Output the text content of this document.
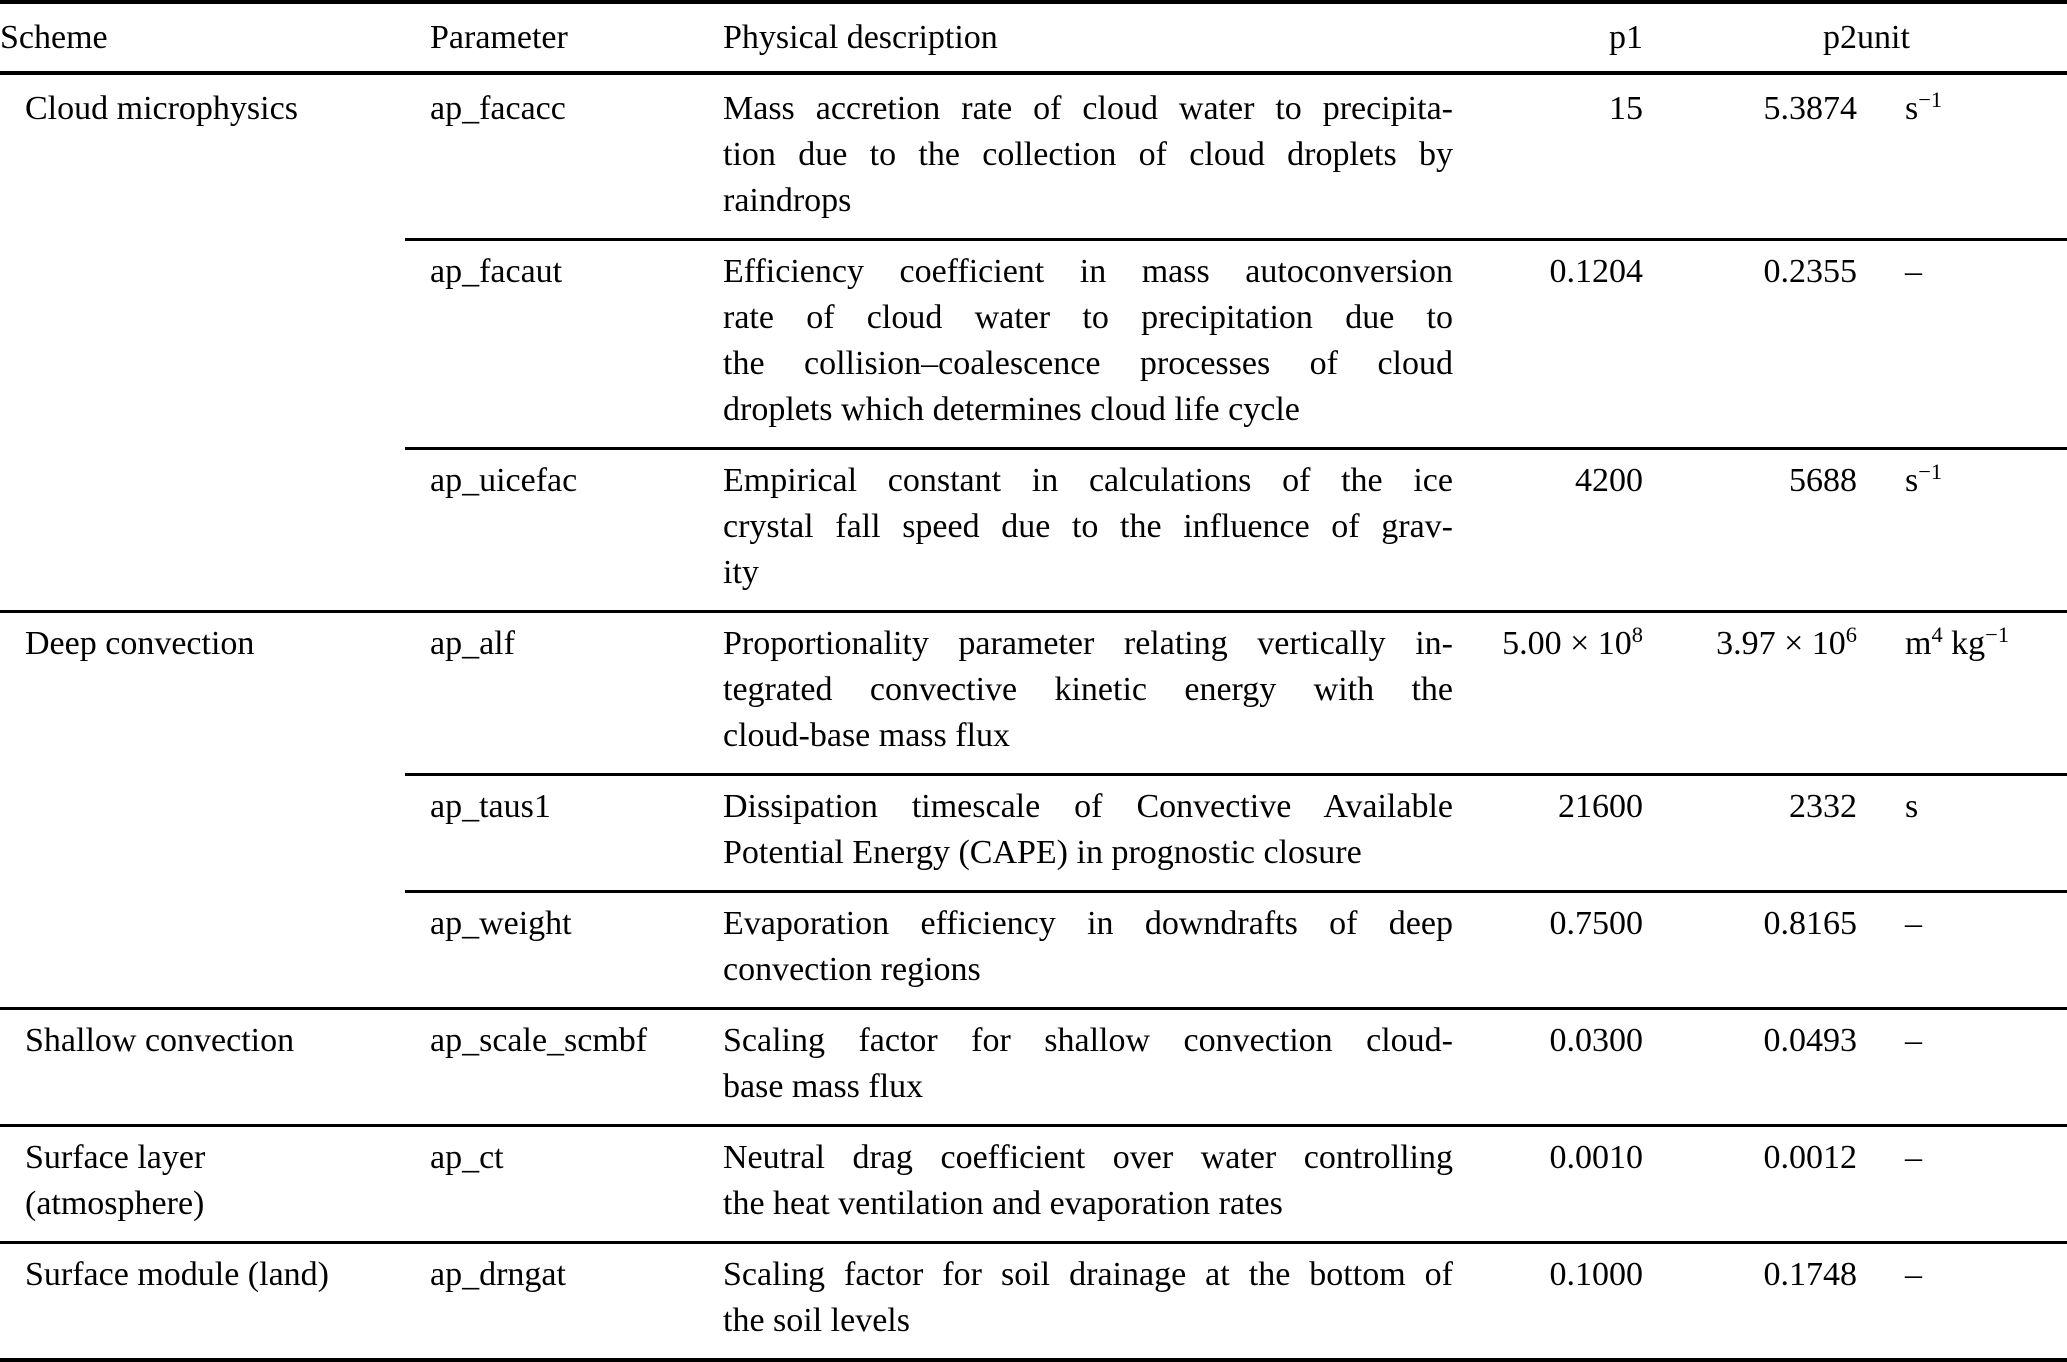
Scheme	Parameter	Physical description	p1	p2 unit
Cloud microphysics	ap_facacc	Mass accretion rate of cloud water to precipita-
tion due to the collection of cloud droplets by
raindrops
15	5.3874	$s^{-1}$
ap_facaut	Efficiency coefficient in mass autoconversion
rate of cloud water to precipitation due to
the collision–coalescence processes of cloud
droplets which determines cloud life cycle
0.1204	0.2355	–
ap_uicefac	Empirical constant in calculations of the ice
crystal fall speed due to the influence of grav-
ity
4200	5688	$s^{-1}$
Deep convection	ap_alf	Proportionality parameter relating vertically in-
tegrated convective kinetic energy with the
cloud-base mass flux
$5.00 \times 10^8$	$3.97 \times 10^6$	$m^4$ $kg^{-1}$
ap_taus1	Dissipation timescale of Convective Available
Potential Energy (CAPE) in prognostic closure
21600	2332	s
ap_weight	Evaporation efficiency in downdrafts of deep
convection regions
0.7500	0.8165	–
Shallow convection	ap_scale_scmbf	Scaling factor for shallow convection cloud-
base mass flux
0.0300	0.0493	–
Surface layer
(atmosphere)
ap_ct	Neutral drag coefficient over water controlling
the heat ventilation and evaporation rates
0.0010	0.0012	–
Surface module (land)	ap_drngat	Scaling factor for soil drainage at the bottom of
the soil levels
0.1000	0.1748	–
